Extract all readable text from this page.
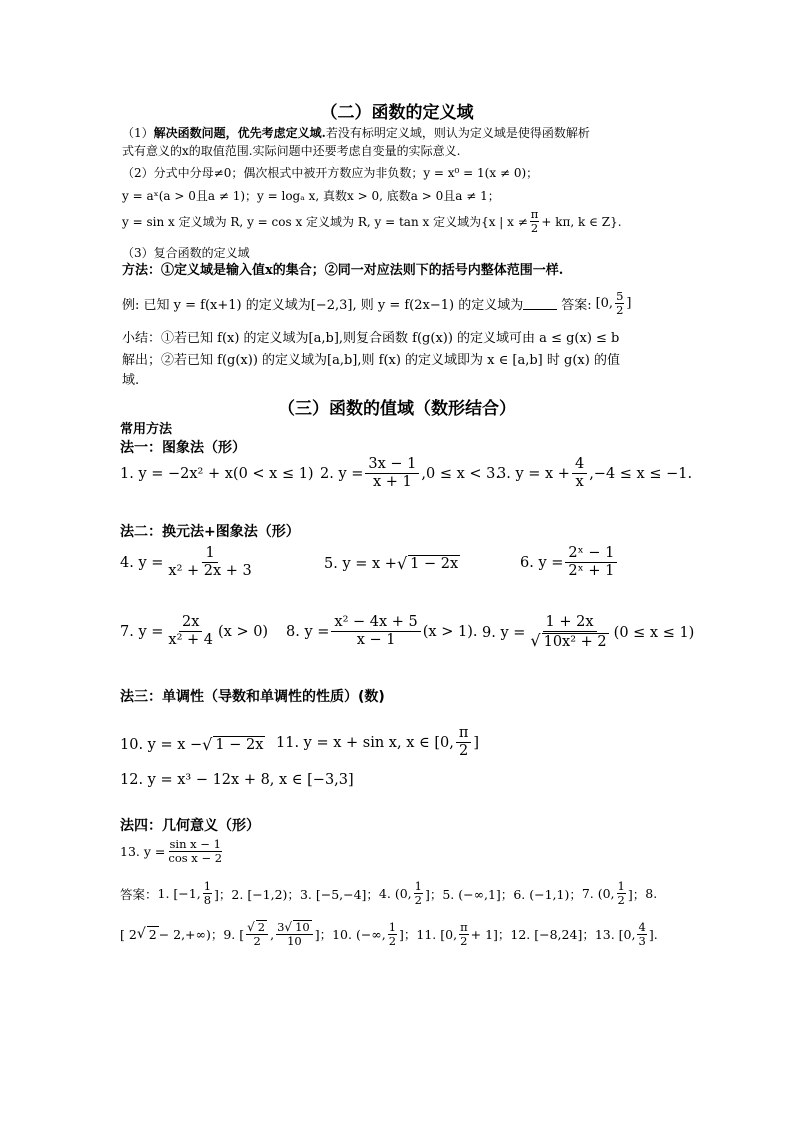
（二）函数的定义域
（1）解决函数问题，优先考虑定义域.若没有标明定义域，则认为定义域是使得函数解析
式有意义的x的取值范围.实际问题中还要考虑自变量的实际意义.
（2）分式中分母≠0；偶次根式中被开方数应为非负数；y = x⁰ = 1(x ≠ 0)；
y = aˣ(a > 0且a ≠ 1)；y = logₐ x, 真数x > 0, 底数a > 0且a ≠ 1；
y = sin x 定义域为 R, y = cos x 定义域为 R, y = tan x 定义域为{x | $x \ne \frac{\pi}{2} + k\pi$, k ∈ Z}.
（3）复合函数的定义域
方法：①定义域是输入值x的集合；②同一对应法则下的括号内整体范围一样.
例: 已知 y = f(x+1) 的定义域为[−2,3], 则 y = f(2x−1) 的定义域为	答案: [0, $\frac{5}{2}$ ]
小结：①若已知 f(x) 的定义域为[a,b],则复合函数 f(g(x)) 的定义域可由 a ≤ g(x) ≤ b
解出；②若已知 f(g(x)) 的定义域为[a,b],则 f(x) 的定义域即为 x ∈ [a,b] 时 g(x) 的值
域.
（三）函数的值域（数形结合）
常用方法
法一：图象法（形）
1. y = −2x² + x(0 < x ≤ 1) 2. $y = \frac{3x - 1}{x + 1} ,0 \le x < 3$.
3. $y = x + \frac{4}{x} ,-4 \le x \le -1$.
法二：换元法+图象法（形）
4. $y = \frac{1}{\text{x² + 2x + 3}}$	5. y = x + √ 1 − 2x	6. $y = \frac{\text{2ˣ − 1}}{\text{2ˣ + 1}}$
7. $y = \frac{2x}{\text{x² + 4}} (x > 0)$ 8. $y = \frac{\text{x² − 4x + 5}}{x - 1} (x > 1)$. 9. $y = \frac{1 + 2x}{\text{√ 10x² + 2}} (0 \le x \le 1)$
法三：单调性（导数和单调性的性质）(数)
10. y = x − √ 1 − 2x 11. y = x + sin x, x ∈ [0, $\frac{\pi}{2}$ ]
12. y = x³ − 12x + 8, x ∈ [−3,3]
法四：几何意义（形）
13. $y = \frac{\text{sin x − 1}}{\text{cos x − 2}}$
答案： 1. [−1, $\frac{1}{8}$ ]； 2. [−1,2)； 3. [−5,−4]； 4. (0, $\frac{1}{2}$ ]； 5. (−∞,1]； 6. (−1,1)； 7. (0, $\frac{1}{2}$ ]； 8.
[ 2 √ 2 − 2,+∞)； 9. [ $\frac{√ 2}{2}$ , $\frac{3√ 10}{10}$ ]； 10. (−∞, $\frac{1}{2}$ ]； 11. [0, $\frac{\pi}{2} + 1$]； 12. [−8,24]； 13. [0, $\frac{4}{3}$ ].
